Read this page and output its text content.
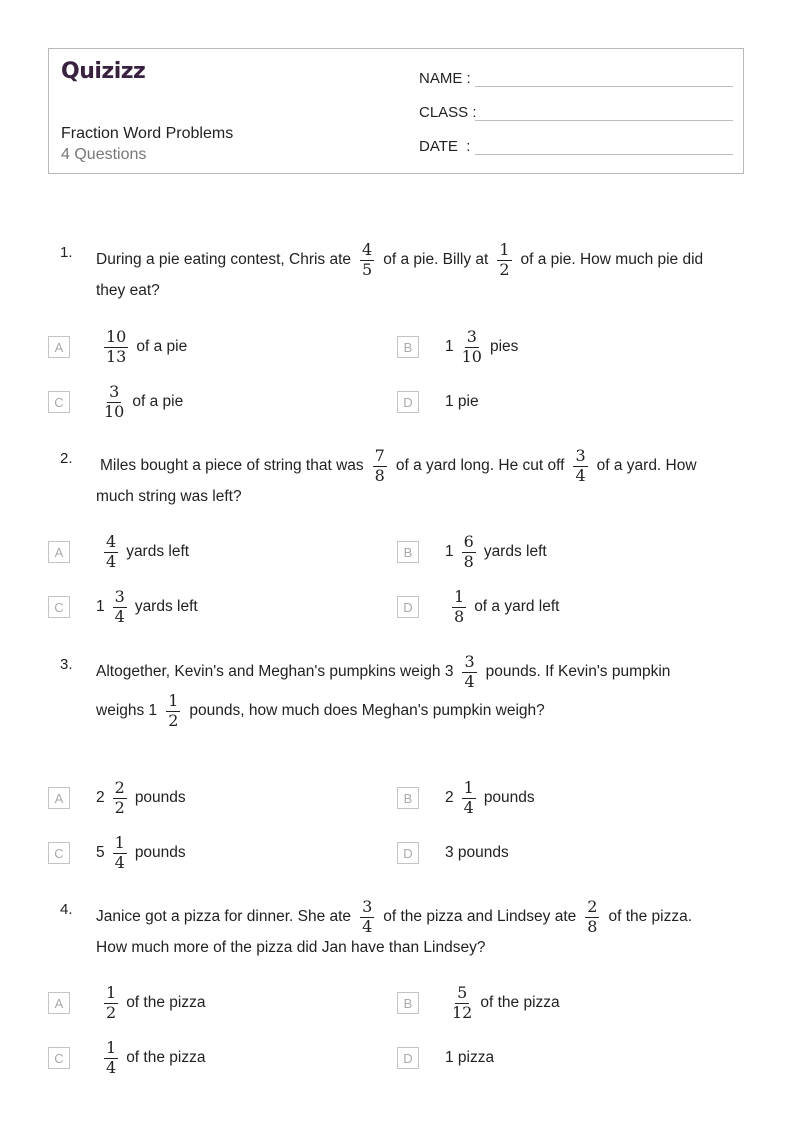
Quizizz
Fraction Word Problems
4 Questions
NAME :
CLASS :
DATE  :
1. During a pie eating contest, Chris ate $\frac{4}{5}$ of a pie. Billy at $\frac{1}{2}$ of a pie. How much pie did
they eat?
A	$\frac{10}{13}$ of a pie	B	$1 \frac{3}{10}$ pies
C	$\frac{3}{10}$ of a pie	D	1 pie
2. Miles bought a piece of string that was $\frac{7}{8}$ of a yard long. He cut off $\frac{3}{4}$ of a yard. How
much string was left?
A	$\frac{4}{4}$ yards left	B	$1 \frac{6}{8}$ yards left
C	$1 \frac{3}{4}$ yards left	D	$\frac{1}{8}$ of a yard left
3. Altogether, Kevin's and Meghan's pumpkins weigh $3 \frac{3}{4}$ pounds. If Kevin's pumpkin
weighs $1 \frac{1}{2}$ pounds, how much does Meghan's pumpkin weigh?
A	$2 \frac{2}{2}$ pounds	B	$2 \frac{1}{4}$ pounds
C	$5 \frac{1}{4}$ pounds	D	3 pounds
4. Janice got a pizza for dinner. She ate $\frac{3}{4}$ of the pizza and Lindsey ate $\frac{2}{8}$ of the pizza.
How much more of the pizza did Jan have than Lindsey?
A	$\frac{1}{2}$ of the pizza	B	$\frac{5}{12}$ of the pizza
C	$\frac{1}{4}$ of the pizza	D	1 pizza
